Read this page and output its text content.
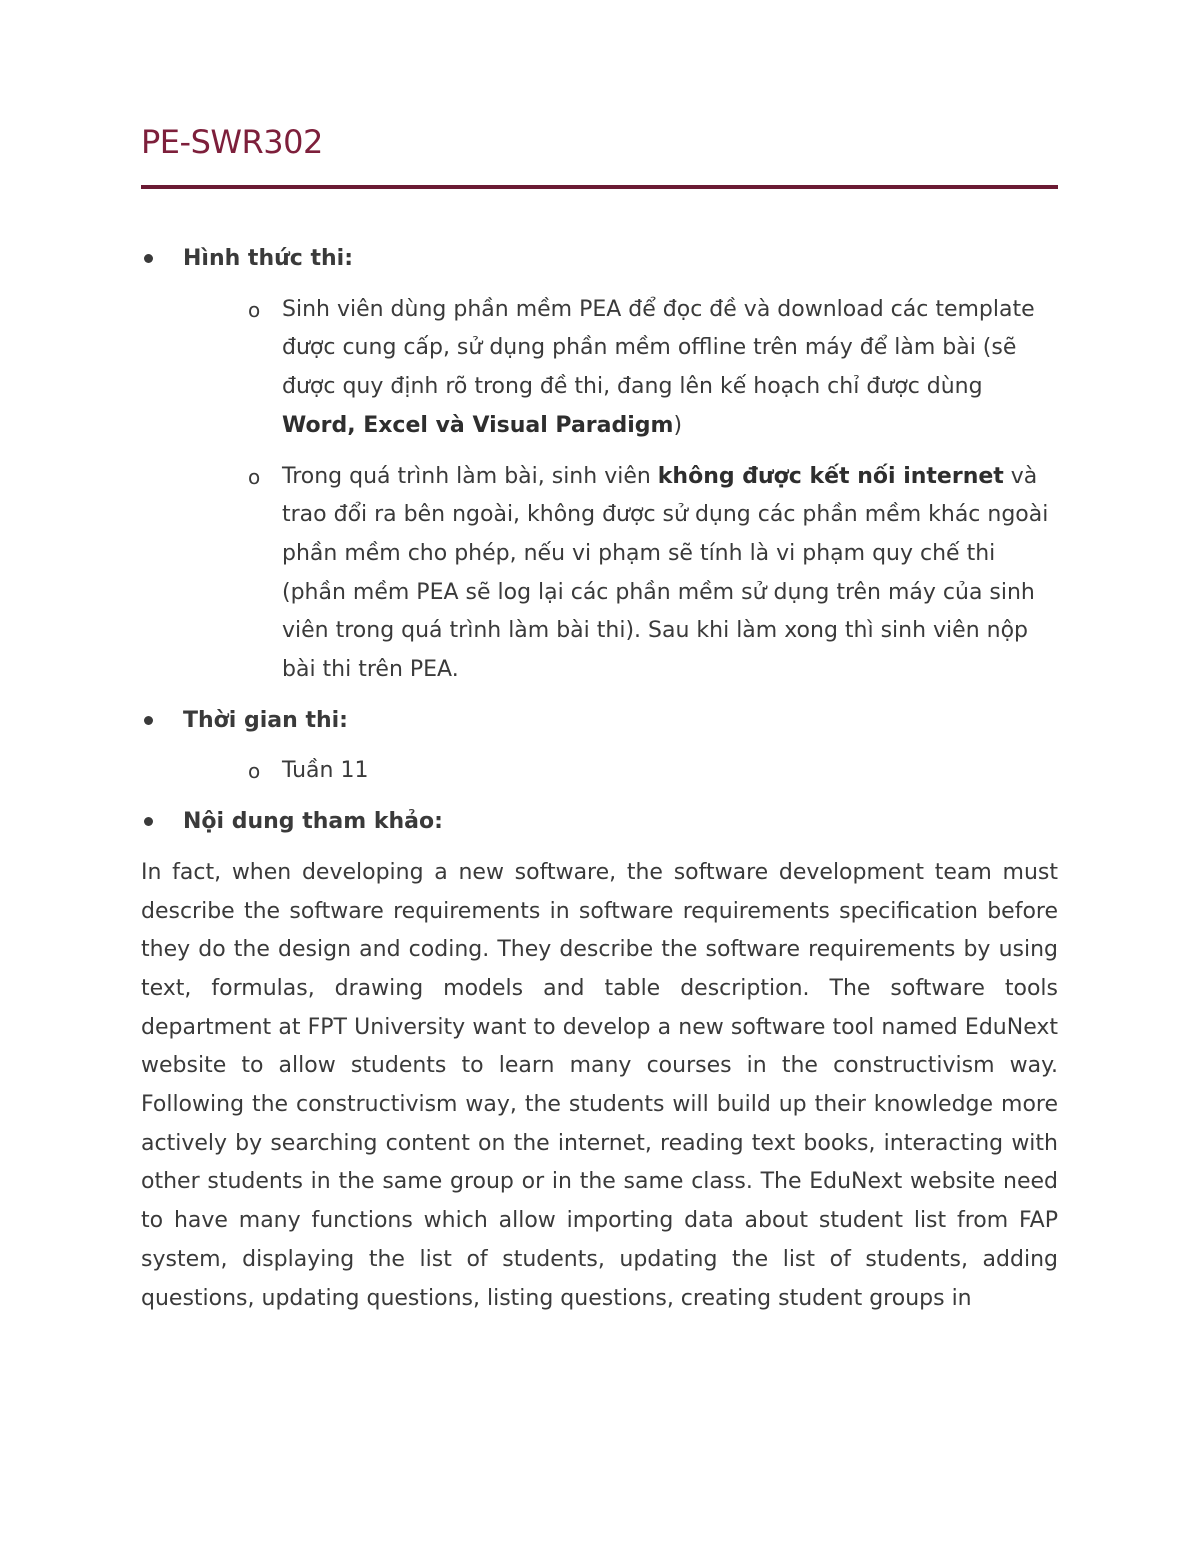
PE-SWR302
Hình thức thi:
o Sinh viên dùng phần mềm PEA để đọc đề và download các template được cung cấp, sử dụng phần mềm offline trên máy để làm bài (sẽ được quy định rõ trong đề thi, đang lên kế hoạch chỉ được dùng Word, Excel và Visual Paradigm)
o Trong quá trình làm bài, sinh viên không được kết nối internet và trao đổi ra bên ngoài, không được sử dụng các phần mềm khác ngoài phần mềm cho phép, nếu vi phạm sẽ tính là vi phạm quy chế thi (phần mềm PEA sẽ log lại các phần mềm sử dụng trên máy của sinh viên trong quá trình làm bài thi). Sau khi làm xong thì sinh viên nộp bài thi trên PEA.
Thời gian thi:
o Tuần 11
Nội dung tham khảo:

In fact, when developing a new software, the software development team must describe the software requirements in software requirements specification before they do the design and coding. They describe the software requirements by using text, formulas, drawing models and table description. The software tools department at FPT University want to develop a new software tool named EduNext website to allow students to learn many courses in the constructivism way. Following the constructivism way, the students will build up their knowledge more actively by searching content on the internet, reading text books, interacting with other students in the same group or in the same class. The EduNext website need to have many functions which allow importing data about student list from FAP system, displaying the list of students, updating the list of students, adding questions, updating questions, listing questions, creating student groups in
